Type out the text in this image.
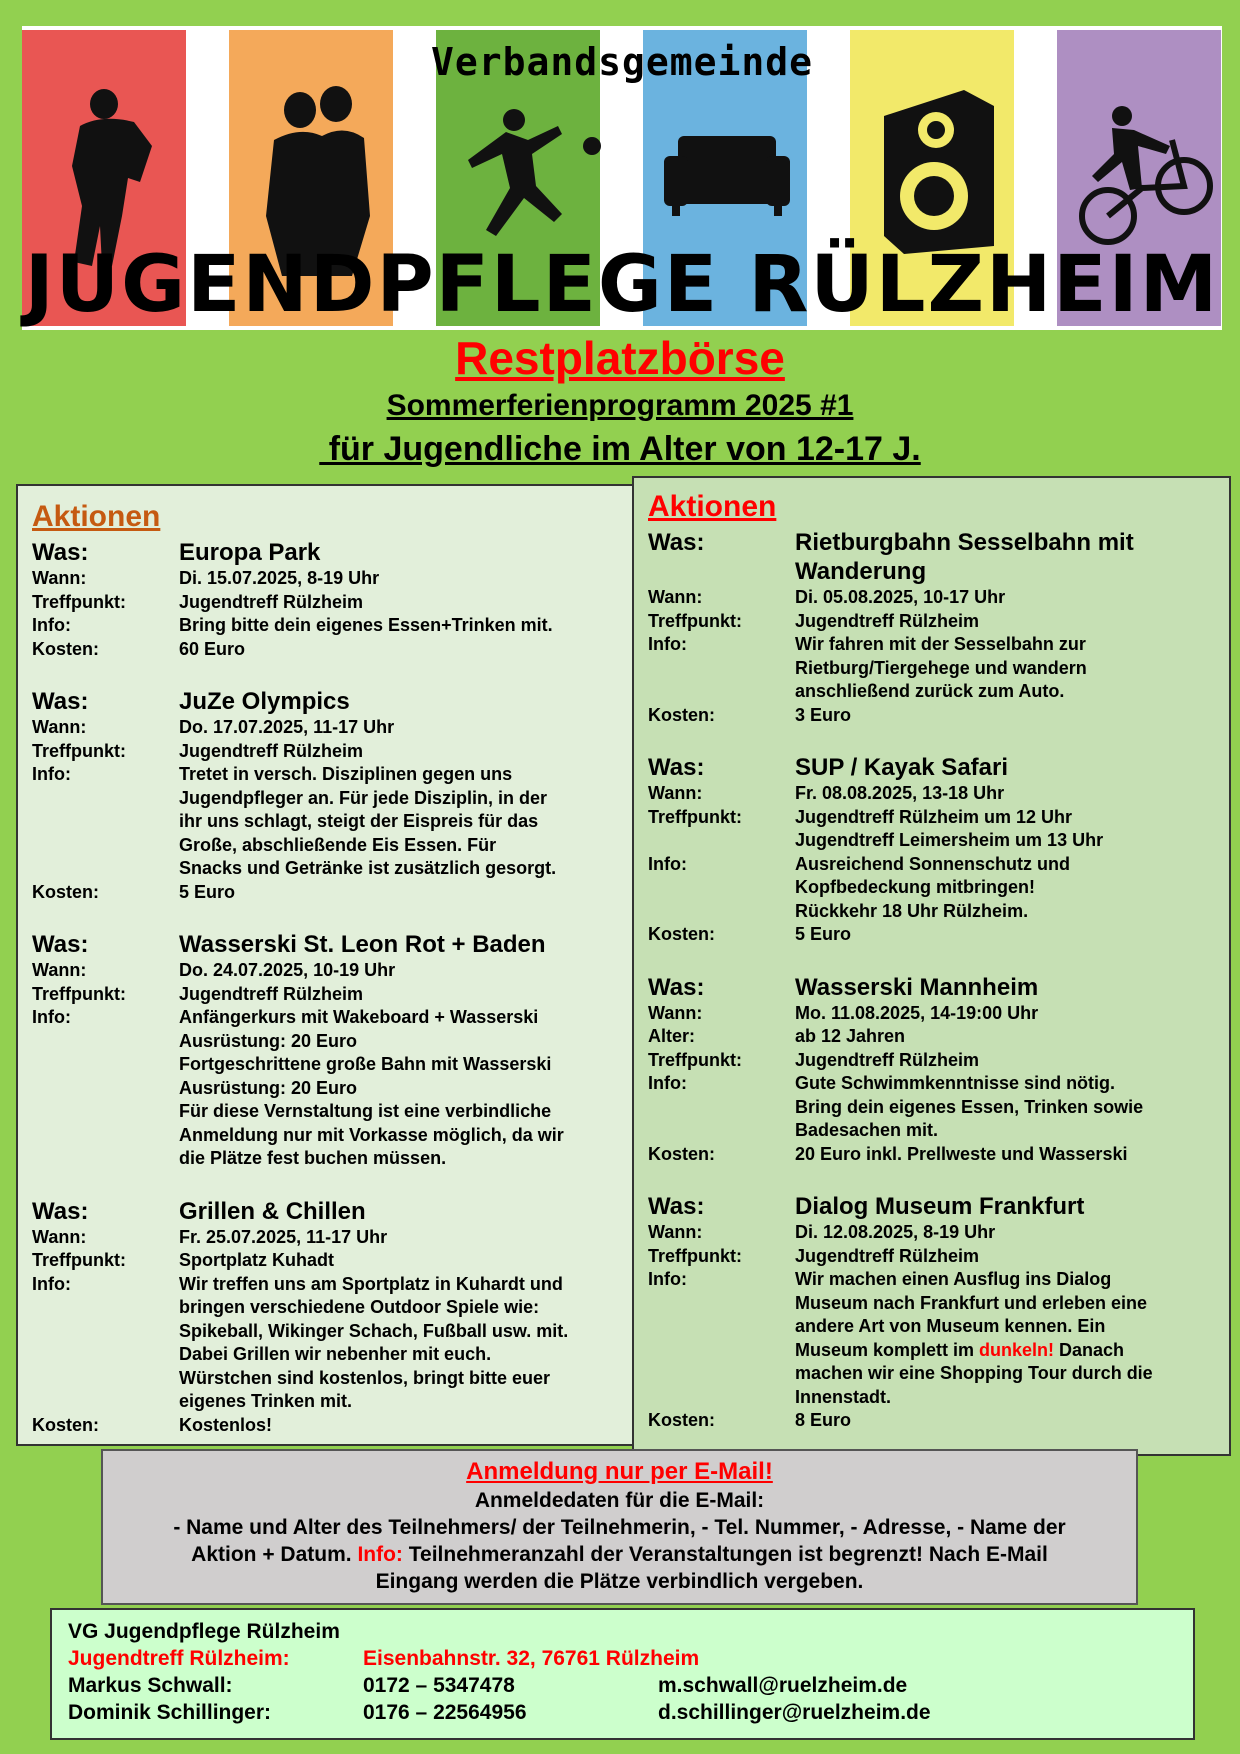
Verbandsgemeinde
JUGENDPFLEGE RÜLZHEIM
Restplatzbörse
Sommerferienprogramm 2025 #1
für Jugendliche im Alter von 12-17 J.
Aktionen
Was:	Europa Park
Wann:	Di. 15.07.2025, 8-19 Uhr
Treffpunkt:	Jugendtreff Rülzheim
Info:	Bring bitte dein eigenes Essen+Trinken mit.
Kosten:	60 Euro
Was:	JuZe Olympics
Wann:	Do. 17.07.2025, 11-17 Uhr
Treffpunkt:	Jugendtreff Rülzheim
Info:	Tretet in versch. Disziplinen gegen uns
Jugendpfleger an. Für jede Disziplin, in der
ihr uns schlagt, steigt der Eispreis für das
Große, abschließende Eis Essen. Für
Snacks und Getränke ist zusätzlich gesorgt.
Kosten:	5 Euro
Was:	Wasserski St. Leon Rot + Baden
Wann:	Do. 24.07.2025, 10-19 Uhr
Treffpunkt:	Jugendtreff Rülzheim
Info:	Anfängerkurs mit Wakeboard + Wasserski
Ausrüstung: 20 Euro
Fortgeschrittene große Bahn mit Wasserski
Ausrüstung: 20 Euro
Für diese Vernstaltung ist eine verbindliche
Anmeldung nur mit Vorkasse möglich, da wir
die Plätze fest buchen müssen.
Was:	Grillen & Chillen
Wann:	Fr. 25.07.2025, 11-17 Uhr
Treffpunkt:	Sportplatz Kuhadt
Info:	Wir treffen uns am Sportplatz in Kuhardt und
bringen verschiedene Outdoor Spiele wie:
Spikeball, Wikinger Schach, Fußball usw. mit.
Dabei Grillen wir nebenher mit euch.
Würstchen sind kostenlos, bringt bitte euer
eigenes Trinken mit.
Kosten:	Kostenlos!
Aktionen
Was:	Rietburgbahn Sesselbahn mit
Wanderung
Wann:	Di. 05.08.2025, 10-17 Uhr
Treffpunkt:	Jugendtreff Rülzheim
Info:	Wir fahren mit der Sesselbahn zur
Rietburg/Tiergehege und wandern
anschließend zurück zum Auto.
Kosten:	3 Euro
Was:	SUP / Kayak Safari
Wann:	Fr. 08.08.2025, 13-18 Uhr
Treffpunkt:	Jugendtreff Rülzheim um 12 Uhr
Jugendtreff Leimersheim um 13 Uhr
Info:	Ausreichend Sonnenschutz und
Kopfbedeckung mitbringen!
Rückkehr 18 Uhr Rülzheim.
Kosten:	5 Euro
Was:	Wasserski Mannheim
Wann:	Mo. 11.08.2025, 14-19:00 Uhr
Alter:	ab 12 Jahren
Treffpunkt:	Jugendtreff Rülzheim
Info:	Gute Schwimmkenntnisse sind nötig.
Bring dein eigenes Essen, Trinken sowie
Badesachen mit.
Kosten:	20 Euro inkl. Prellweste und Wasserski
Was:	Dialog Museum Frankfurt
Wann:	Di. 12.08.2025, 8-19 Uhr
Treffpunkt:	Jugendtreff Rülzheim
Info:	Wir machen einen Ausflug ins Dialog
Museum nach Frankfurt und erleben eine
andere Art von Museum kennen. Ein
Museum komplett im dunkeln! Danach
machen wir eine Shopping Tour durch die
Innenstadt.
Kosten:	8 Euro
Anmeldung nur per E-Mail!
Anmeldedaten für die E-Mail:
- Name und Alter des Teilnehmers/ der Teilnehmerin, - Tel. Nummer, - Adresse, - Name der
Aktion + Datum. Info: Teilnehmeranzahl der Veranstaltungen ist begrenzt! Nach E-Mail
Eingang werden die Plätze verbindlich vergeben.
VG Jugendpflege Rülzheim
Jugendtreff Rülzheim:	Eisenbahnstr. 32, 76761 Rülzheim
Markus Schwall:	0172 – 5347478	m.schwall@ruelzheim.de
Dominik Schillinger:	0176 – 22564956	d.schillinger@ruelzheim.de
